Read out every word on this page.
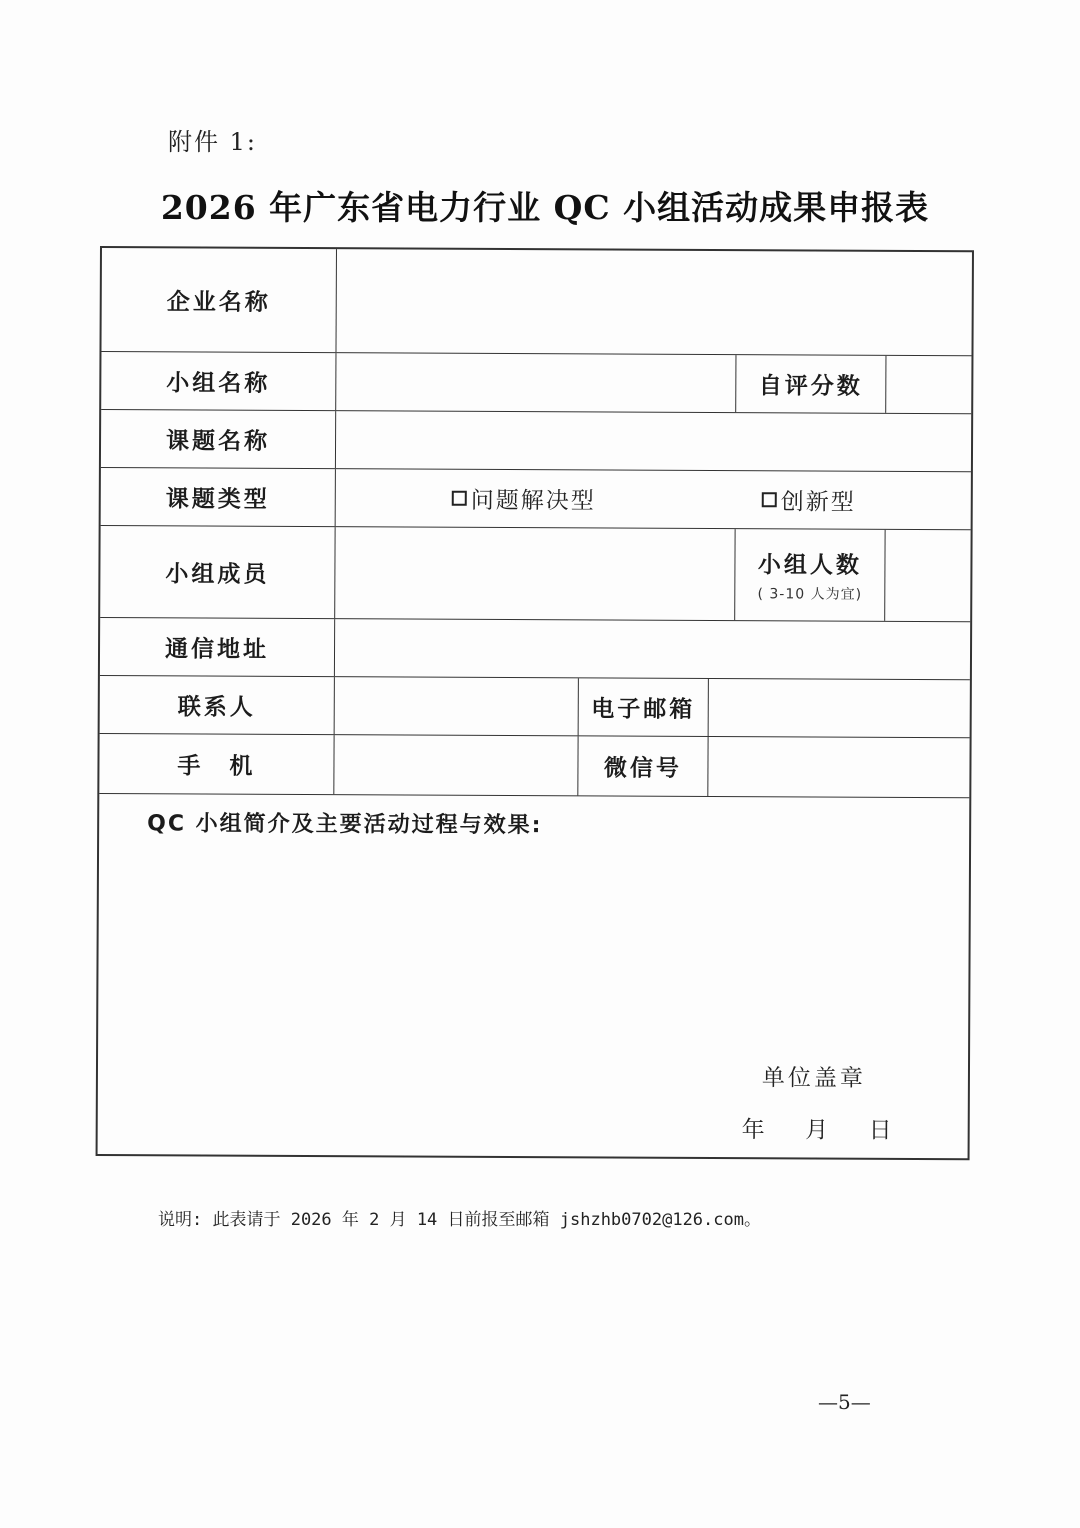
附件 1:
2026 年广东省电力行业 QC 小组活动成果申报表
企业名称
小组名称	自评分数
课题名称
课题类型	问题解决型	创新型
小组成员	小组人数
( 3-10 人为宜)
通信地址
联系人	电子邮箱
手　机	微信号
QC 小组简介及主要活动过程与效果:
单位盖章
年 月 日
说明: 此表请于 2026 年 2 月 14 日前报至邮箱 jshzhb0702@126.com。
—5—
